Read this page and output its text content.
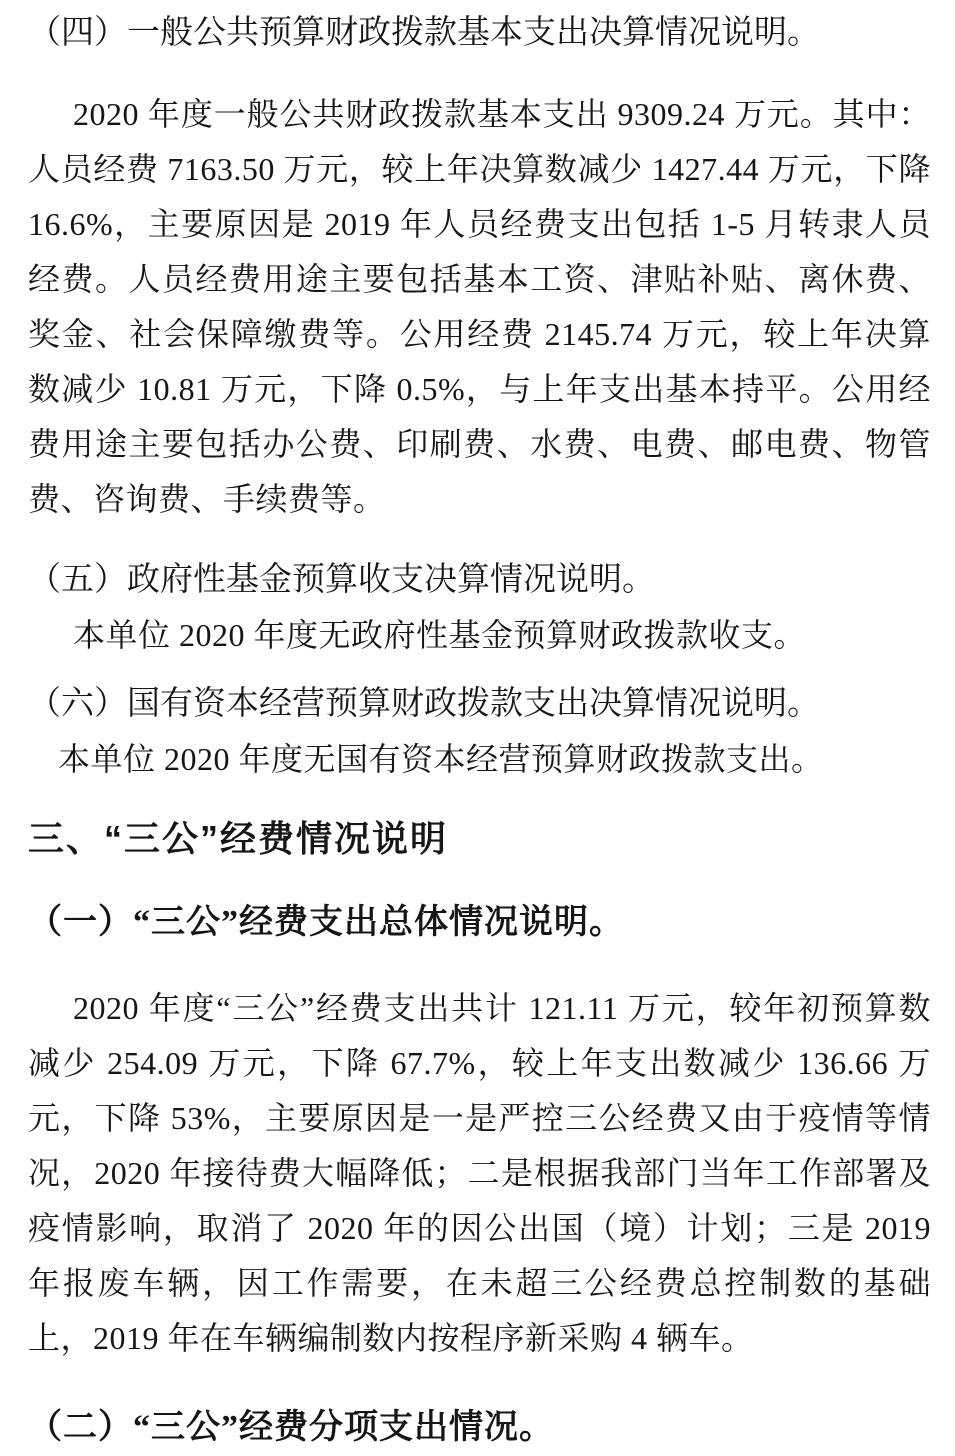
（四）一般公共预算财政拨款基本支出决算情况说明。

2020 年度一般公共财政拨款基本支出 9309.24 万元。其中：人员经费 7163.50 万元，较上年决算数减少 1427.44 万元，下降 16.6%，主要原因是 2019 年人员经费支出包括 1-5 月转隶人员经费。人员经费用途主要包括基本工资、津贴补贴、离休费、奖金、社会保障缴费等。公用经费 2145.74 万元，较上年决算数减少 10.81 万元，下降 0.5%，与上年支出基本持平。公用经费用途主要包括办公费、印刷费、水费、电费、邮电费、物管费、咨询费、手续费等。

（五）政府性基金预算收支决算情况说明。

本单位 2020 年度无政府性基金预算财政拨款收支。

（六）国有资本经营预算财政拨款支出决算情况说明。

本单位 2020 年度无国有资本经营预算财政拨款支出。

三、“三公”经费情况说明
（一）“三公”经费支出总体情况说明。

2020 年度“三公”经费支出共计 121.11 万元，较年初预算数减少 254.09 万元，下降 67.7%，较上年支出数减少 136.66 万元，下降 53%，主要原因是一是严控三公经费又由于疫情等情况，2020 年接待费大幅降低；二是根据我部门当年工作部署及疫情影响，取消了 2020 年的因公出国（境）计划；三是 2019 年报废车辆，因工作需要，在未超三公经费总控制数的基础上，2019 年在车辆编制数内按程序新采购 4 辆车。

（二）“三公”经费分项支出情况。
